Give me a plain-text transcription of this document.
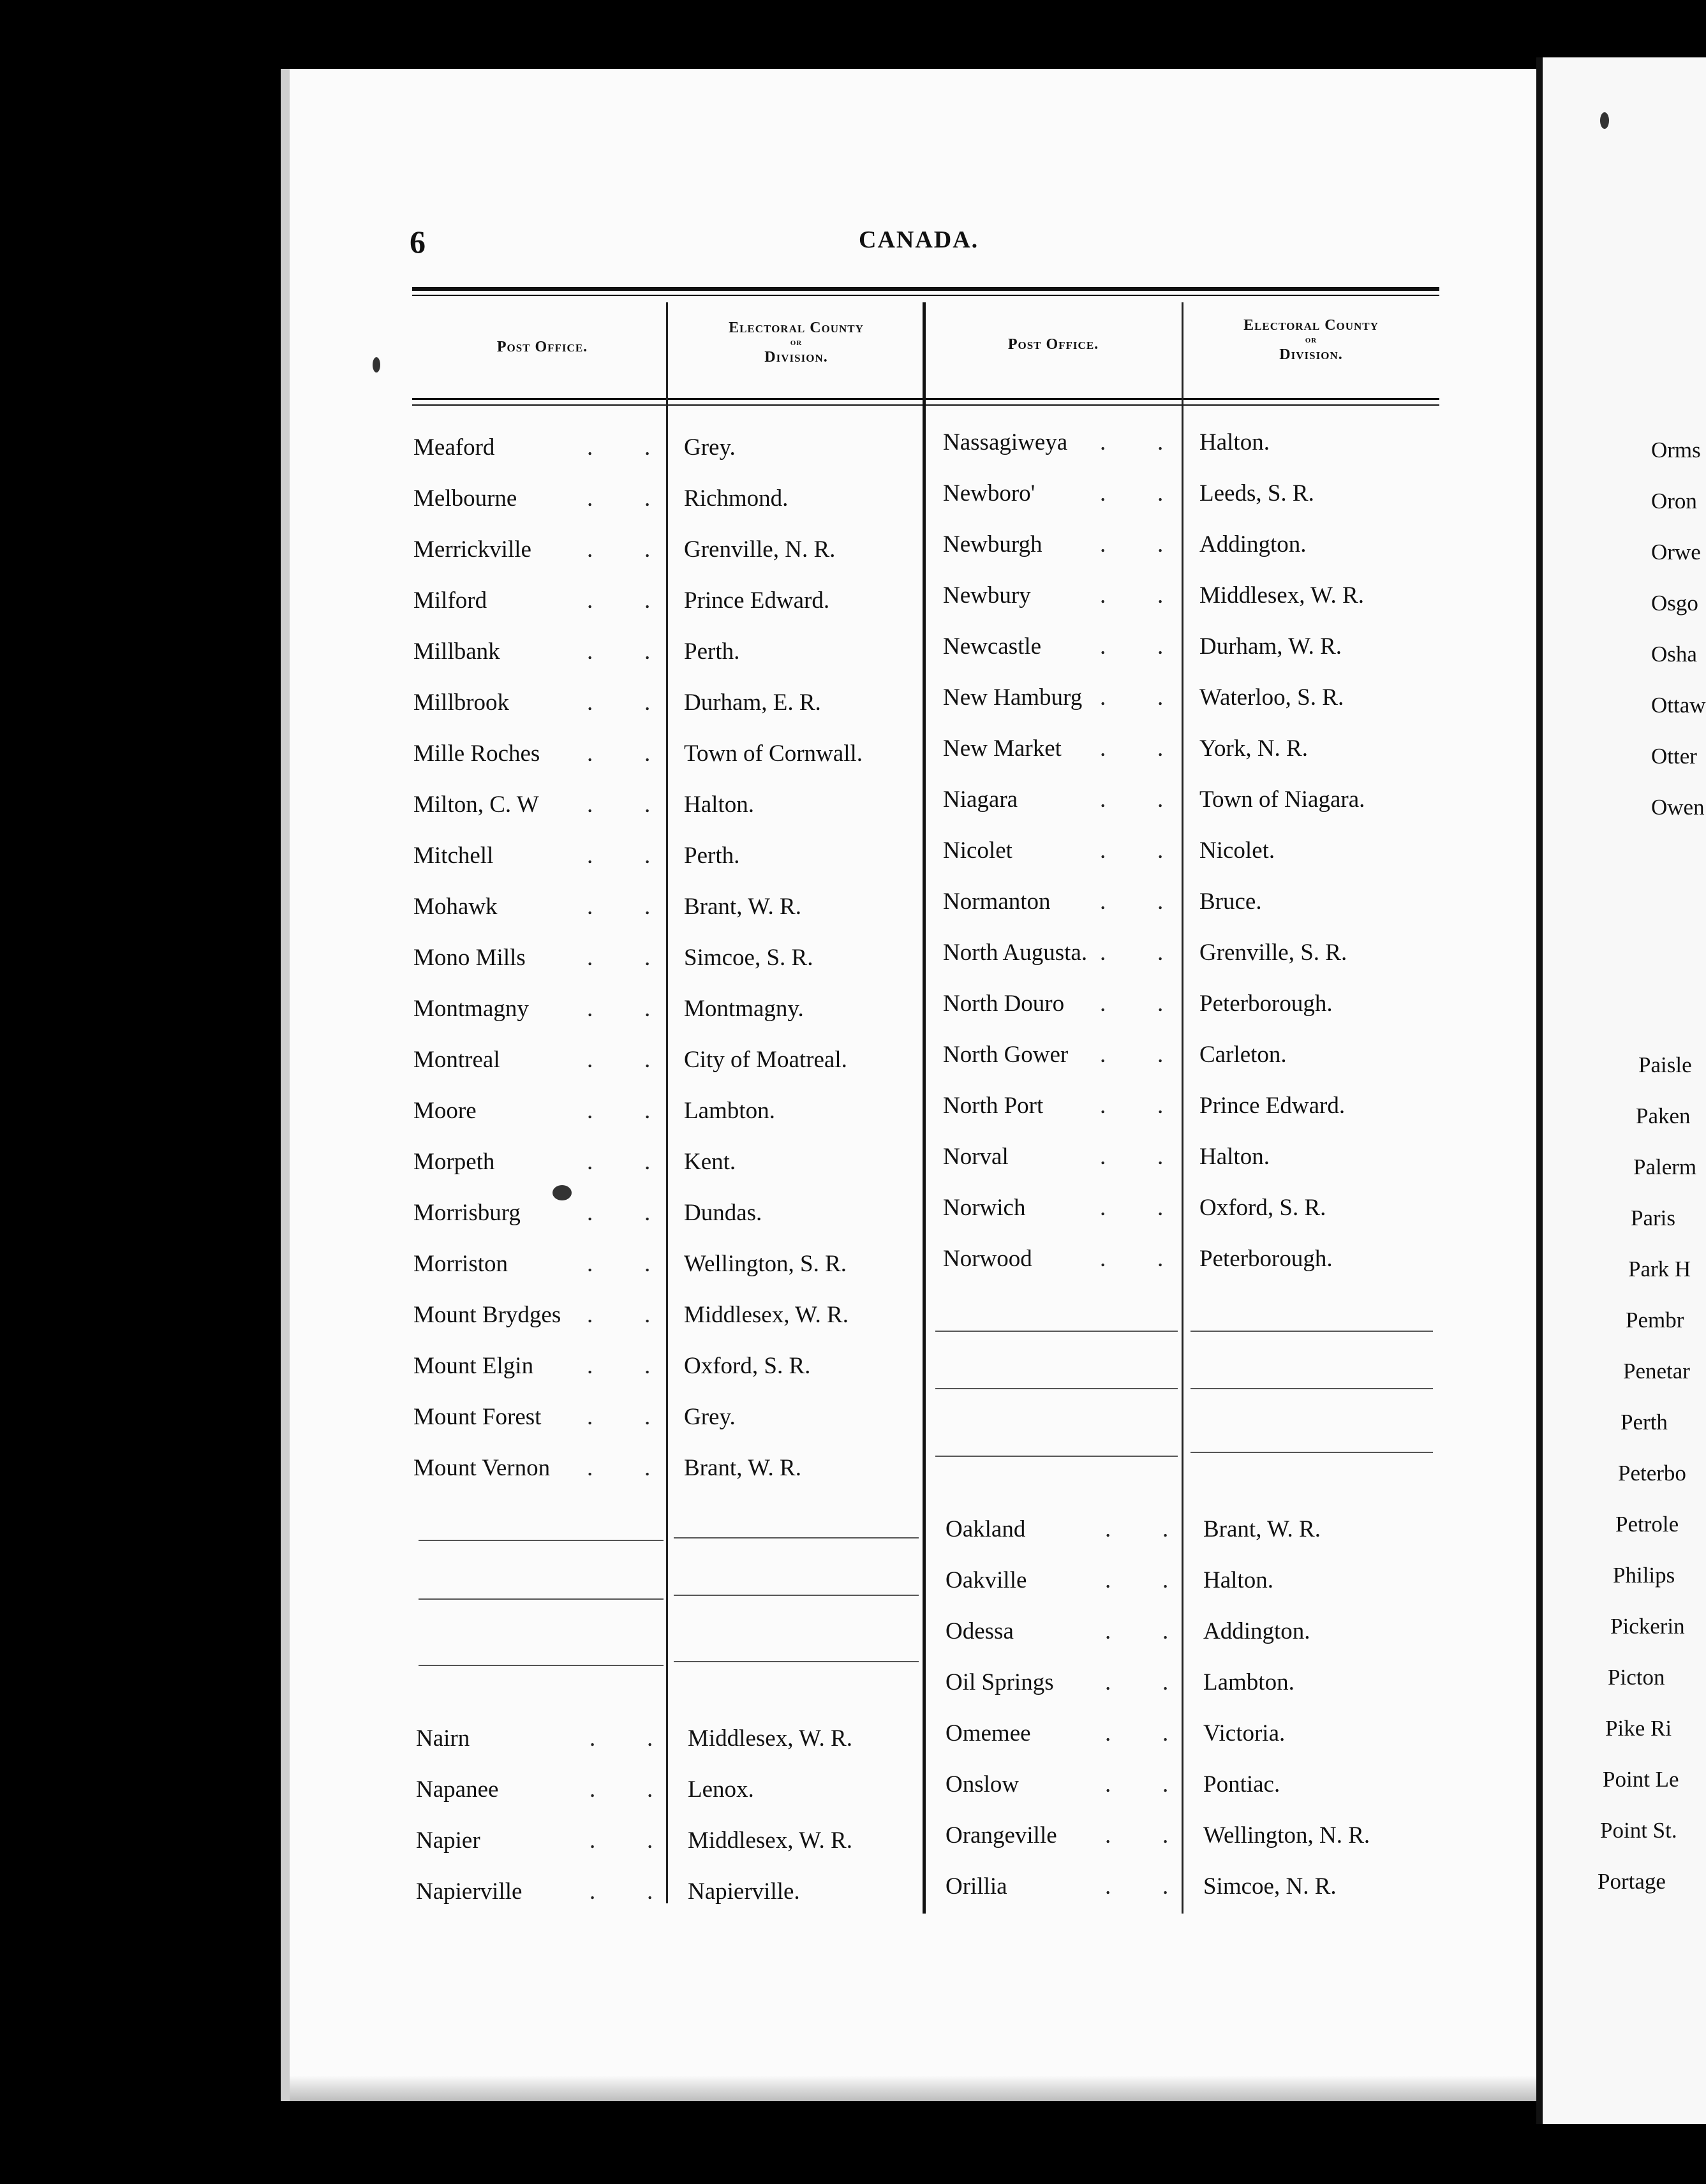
Orms
Oron
Orwe
Osgo
Osha
Ottaw
Otter
Owen
Paisle
Paken
Palerm
Paris
Park H
Pembr
Penetar
Perth
Peterbo
Petrole
Philips
Pickerin
Picton
Pike Ri
Point Le
Point St.
Portage
6	CANADA.
Post Office.
Electoral County
or
Division.
Post Office.
Electoral County
or
Division.
Meaford	. . Grey.
Melbourne	. . Richmond.
Merrickville . . Grenville, N. R.
Milford	. . Prince Edward.
Millbank	. . Perth.
Millbrook	. . Durham, E. R.
Mille Roches . . Town of Cornwall.
Milton, C. W . . Halton.
Mitchell	. . Perth.
Mohawk	. . Brant, W. R.
Mono Mills	. . Simcoe, S. R.
Montmagny . . Montmagny.
Montreal	. . City of Moatreal.
Moore	. . Lambton.
Morpeth	. . Kent.
Morrisburg	. . Dundas.
Morriston	. . Wellington, S. R.
Mount Brydges . . Middlesex, W. R.
Mount Elgin . . Oxford, S. R.
Mount Forest . . Grey.
Mount Vernon . . Brant, W. R.
Nairn	. . Middlesex, W. R.
Napanee	. . Lenox.
Napier	. . Middlesex, W. R.
Napierville	. . Napierville.
Nassagiweya . . Halton.
Newboro'	. . Leeds, S. R.
Newburgh . . Addington.
Newbury	. . Middlesex, W. R.
Newcastle . . Durham, W. R.
New Hamburg . . Waterloo, S. R.
New Market . . York, N. R.
Niagara	. . Town of Niagara.
Nicolet	. . Nicolet.
Normanton . . Bruce.
North Augusta. . . Grenville, S. R.
North Douro . . Peterborough.
North Gower . . Carleton.
North Port . . Prince Edward.
Norval	. . Halton.
Norwich	. . Oxford, S. R.
Norwood	. . Peterborough.
Oakland	. . Brant, W. R.
Oakville	. . Halton.
Odessa	. . Addington.
Oil Springs . . Lambton.
Omemee	. . Victoria.
Onslow	. . Pontiac.
Orangeville . . Wellington, N. R.
Orillia	. . Simcoe, N. R.
